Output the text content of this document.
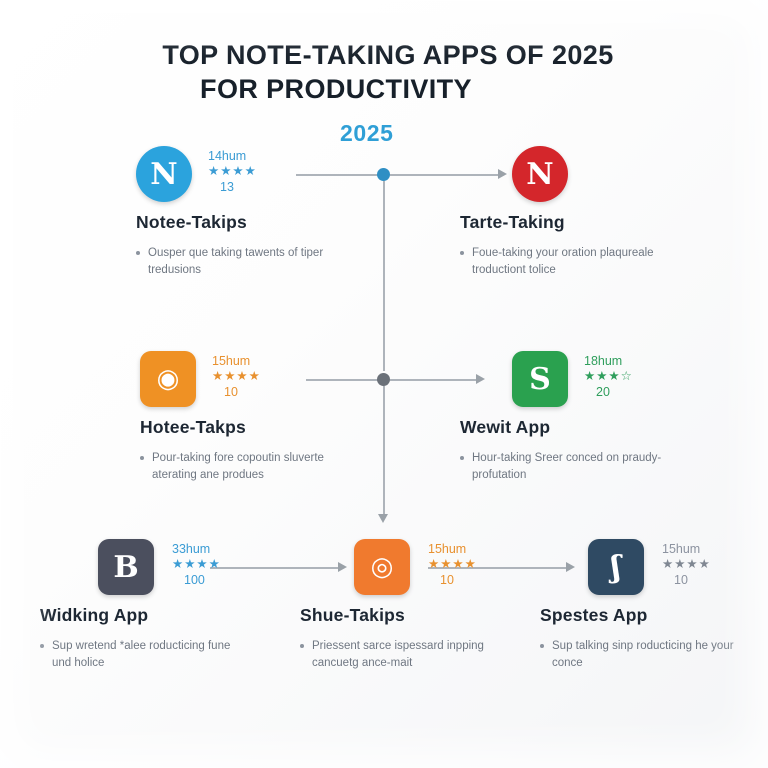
TOP NOTE-TAKING APPS OF 2025
FOR PRODUCTIVITY
2025
N
14hum
★★★★
13
Notee-Takips
Ousper que taking tawents of tiper tredusions
N
Tarte-Taking
Foue-taking your oration plaqureale troductiont tolice
◉
15hum
★★★★
10
Hotee-Takps
Pour-taking fore copoutin sluverte aterating ane produes
S
18hum
★★★☆
20
Wewit App
Hour-taking Sreer conced on praudy-profutation
B
33hum
★★★★
100
Widking App
Sup wretend *alee roducticing fune und holice
◎
15hum
★★★★
10
Shue-Takips
Priessent sarce ispessard inpping cancuetg ance-mait
ʃ
15hum
★★★★
10
Spestes App
Sup talking sinp roducticing he your conce
